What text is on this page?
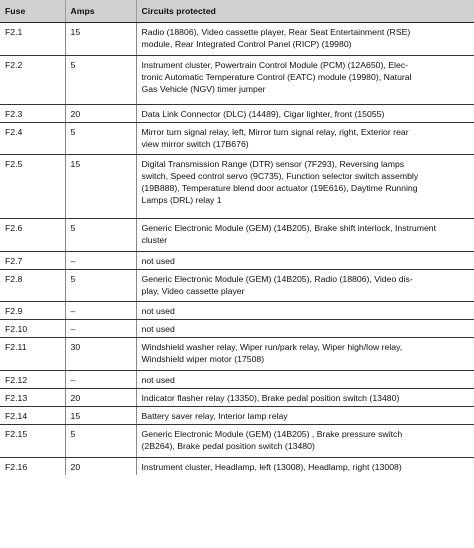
Fuse	Amps	Circuits protected
F2.1	15	Radio (18806), Video cassette player, Rear Seat Entertainment (RSE)
module, Rear Integrated Control Panel (RICP) (19980)

F2.2	5	Instrument cluster, Powertrain Control Module (PCM) (12A650), Elec-
tronic Automatic Temperature Control (EATC) module (19980), Natural
Gas Vehicle (NGV) timer jumper

F2.3	20	Data Link Connector (DLC) (14489), Cigar lighter, front (15055)

F2.4	5	Mirror turn signal relay, left, Mirror turn signal relay, right, Exterior rear
view mirror switch (17B676)

F2.5	15	Digital Transmission Range (DTR) sensor (7F293), Reversing lamps
switch, Speed control servo (9C735), Function selector switch assembly
(19B888), Temperature blend door actuator (19E616), Daytime Running
Lamps (DRL) relay 1

F2.6	5	Generic Electronic Module (GEM) (14B205), Brake shift interlock, Instrument
cluster

F2.7	–	not used

F2.8	5	Generic Electronic Module (GEM) (14B205), Radio (18806), Video dis-
play, Video cassette player

F2.9	–	not used

F2.10	–	not used

F2.11	30	Windshield washer relay, Wiper run/park relay, Wiper high/low relay,
Windshield wiper motor (17508)

F2.12	–	not used

F2.13	20	Indicator flasher relay (13350), Brake pedal position switch (13480)

F2.14	15	Battery saver relay, Interior lamp relay

F2.15	5	Generic Electronic Module (GEM) (14B205) , Brake pressure switch
(2B264), Brake pedal position switch (13480)

F2.16	20	Instrument cluster, Headlamp, left (13008), Headlamp, right (13008)
